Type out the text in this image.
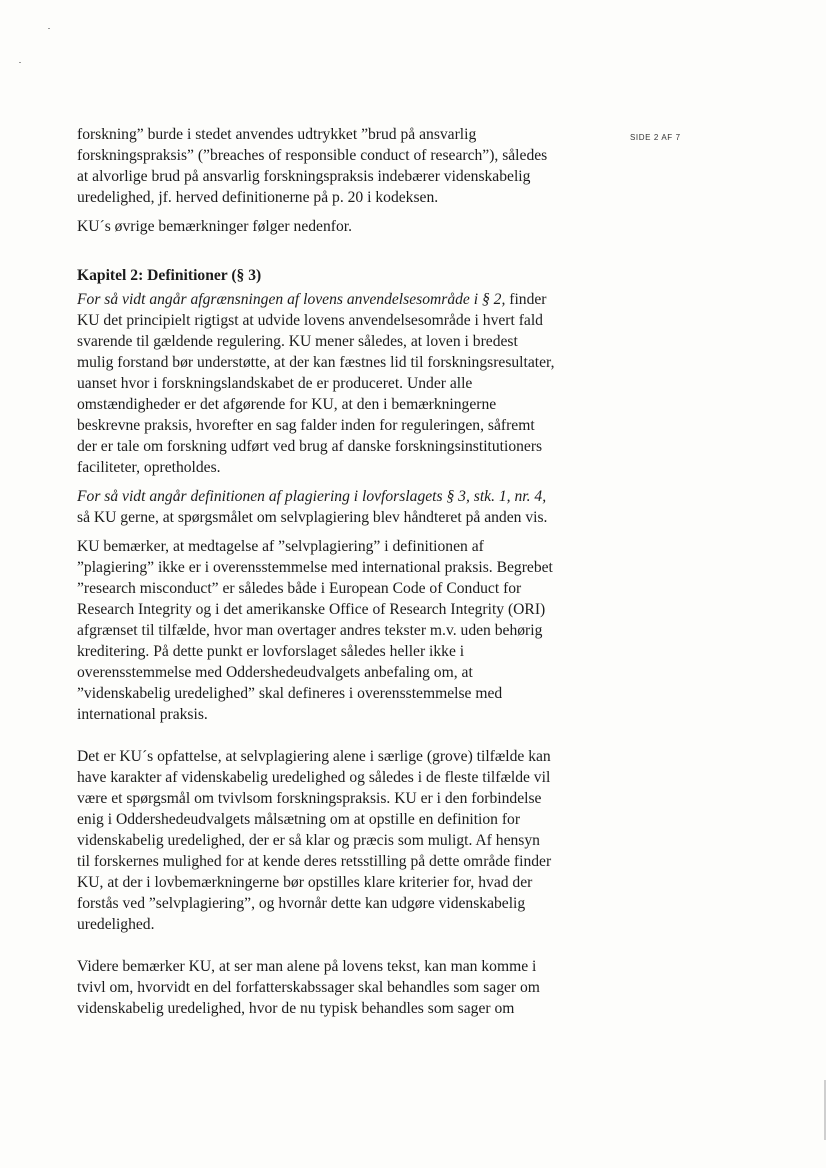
SIDE 2 AF 7

forskning” burde i stedet anvendes udtrykket ”brud på ansvarlig
forskningspraksis” (”breaches of responsible conduct of research”), således
at alvorlige brud på ansvarlig forskningspraksis indebærer videnskabelig
uredelighed, jf. herved definitionerne på p. 20 i kodeksen.

KU´s øvrige bemærkninger følger nedenfor.

Kapitel 2: Definitioner (§ 3)

For så vidt angår afgrænsningen af lovens anvendelsesområde i § 2, finder
KU det principielt rigtigst at udvide lovens anvendelsesområde i hvert fald
svarende til gældende regulering. KU mener således, at loven i bredest
mulig forstand bør understøtte, at der kan fæstnes lid til forskningsresultater,
uanset hvor i forskningslandskabet de er produceret. Under alle
omstændigheder er det afgørende for KU, at den i bemærkningerne
beskrevne praksis, hvorefter en sag falder inden for reguleringen, såfremt
der er tale om forskning udført ved brug af danske forskningsinstitutioners
faciliteter, opretholdes.

For så vidt angår definitionen af plagiering i lovforslagets § 3, stk. 1, nr. 4,
så KU gerne, at spørgsmålet om selvplagiering blev håndteret på anden vis.

KU bemærker, at medtagelse af ”selvplagiering” i definitionen af
”plagiering” ikke er i overensstemmelse med international praksis. Begrebet
”research misconduct” er således både i European Code of Conduct for
Research Integrity og i det amerikanske Office of Research Integrity (ORI)
afgrænset til tilfælde, hvor man overtager andres tekster m.v. uden behørig
kreditering. På dette punkt er lovforslaget således heller ikke i
overensstemmelse med Oddershedeudvalgets anbefaling om, at
”videnskabelig uredelighed” skal defineres i overensstemmelse med
international praksis.

Det er KU´s opfattelse, at selvplagiering alene i særlige (grove) tilfælde kan
have karakter af videnskabelig uredelighed og således i de fleste tilfælde vil
være et spørgsmål om tvivlsom forskningspraksis. KU er i den forbindelse
enig i Oddershedeudvalgets målsætning om at opstille en definition for
videnskabelig uredelighed, der er så klar og præcis som muligt. Af hensyn
til forskernes mulighed for at kende deres retsstilling på dette område finder
KU, at der i lovbemærkningerne bør opstilles klare kriterier for, hvad der
forstås ved ”selvplagiering”, og hvornår dette kan udgøre videnskabelig
uredelighed.

Videre bemærker KU, at ser man alene på lovens tekst, kan man komme i
tvivl om, hvorvidt en del forfatterskabssager skal behandles som sager om
videnskabelig uredelighed, hvor de nu typisk behandles som sager om
